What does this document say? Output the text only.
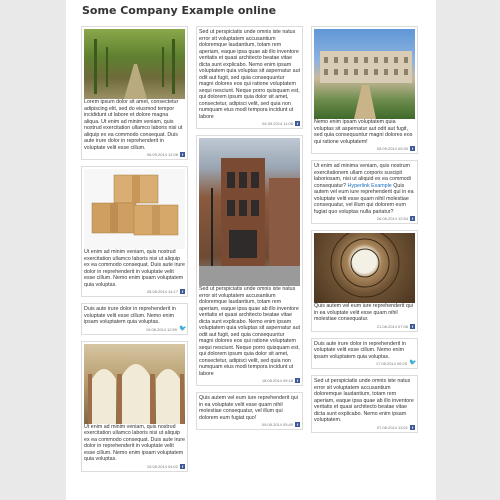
Some Company Example online
Lorem ipsum dolor sit amet, consectetur adipiscing elit, sed do eiusmod tempor incididunt ut labore et dolore magna aliqua. Ut enim ad minim veniam, quis nostrud exercitation ullamco laboris nisi ut aliquip ex ea commodo consequat. Duis aute irure dolor in reprehenderit in voluptate velit esse cillum.
06.09.2014 12:08 f
Ut enim ad minim veniam, quis nostrud exercitation ullamco laboris nisi ut aliquip ex ea commodo consequat. Duis aute irure dolor in reprehenderit in voluptate velit esse cillum. Nemo enim ipsam voluptatem quia voluptas.
28.08.2014 14:17 f
Duis aute irure dolor in reprehenderit in voluptate velit esse cillum. Nemo enim ipsam voluptatem quia voluptas.
19.08.2014 12:59 🐦
Ut enim ad minim veniam, quis nostrud exercitation ullamco laboris nisi ut aliquip ex ea commodo consequat. Duis aute irure dolor in reprehenderit in voluptate velit esse cillum. Nemo enim ipsam voluptatem quia voluptas.
15.08.2014 04:02 f
Sed ut perspiciatis unde omnis iste natus error sit voluptatem accusantium doloremque laudantium, totam rem aperiam, eaque ipsa quae ab illo inventore veritatis et quasi architecto beatae vitae dicta sunt explicabo. Nemo enim ipsam voluptatem quia voluptas sit aspernatur aut odit aut fugit, sed quia consequuntur magni dolores eos qui ratione voluptatem sequi nesciunt. Neque porro quisquam est, qui dolorem ipsum quia dolor sit amet, consectetur, adipisci velit, sed quia non numquam eius modi tempora incidunt ut labore
04.09.2014 11:08 f
Sed ut perspiciatis unde omnis iste natus error sit voluptatem accusantium doloremque laudantium, totam rem aperiam, eaque ipsa quae ab illo inventore veritatis et quasi architecto beatae vitae dicta sunt explicabo. Nemo enim ipsam voluptatem quia voluptas sit aspernatur aut odit aut fugit, sed quia consequuntur magni dolores eos qui ratione voluptatem sequi nesciunt. Neque porro quisquam est, qui dolorem ipsum quia dolor sit amet, consectetur, adipisci velit, sed quia non numquam eius modi tempora incidunt ut labore
18.08.2014 09:18 f
Quis autem vel eum iure reprehenderit qui in ea voluptate velit esse quam nihil molestiae consequatur, vel illum qui dolorem eum fugiat quo!
09.08.2014 05:49 f
Nemo enim ipsam voluptatem quia voluptas sit aspernatur aut odit aut fugit, sed quia consequuntur magni dolores eos qui ratione voluptatem!
05.09.2014 09:30 f
Ut enim ad minima veniam, quis nostrum exercitationem ullam corporis suscipit laboriosam, nisi ut aliquid ex ea commodi consequatur? Hyperlink Example Quis autem vel eum iure reprehenderit qui in ea voluptate velit esse quam nihil molestiae consequatur, vel illum qui dolorem eum fugiat quo voluptas nulla pariatur?
26.08.2014 12:54 f
Quis autem vel eum iure reprehenderit qui in ea voluptate velit esse quam nihil molestiae consequatur.
21.08.2014 07:08 f
Duis aute irure dolor in reprehenderit in voluptate velit esse cillum. Nemo enim ipsam voluptatem quia voluptas.
17.08.2014 06:25 🐦
Sed ut perspiciatis unde omnis iste natus error sit voluptatem accusantium doloremque laudantium, totam rem aperiam, eaque ipsa quae ab illo inventore veritatis et quasi architecto beatae vitae dicta sunt explicabo. Nemo enim ipsam voluptatem.
07.08.2014 13:01 f
